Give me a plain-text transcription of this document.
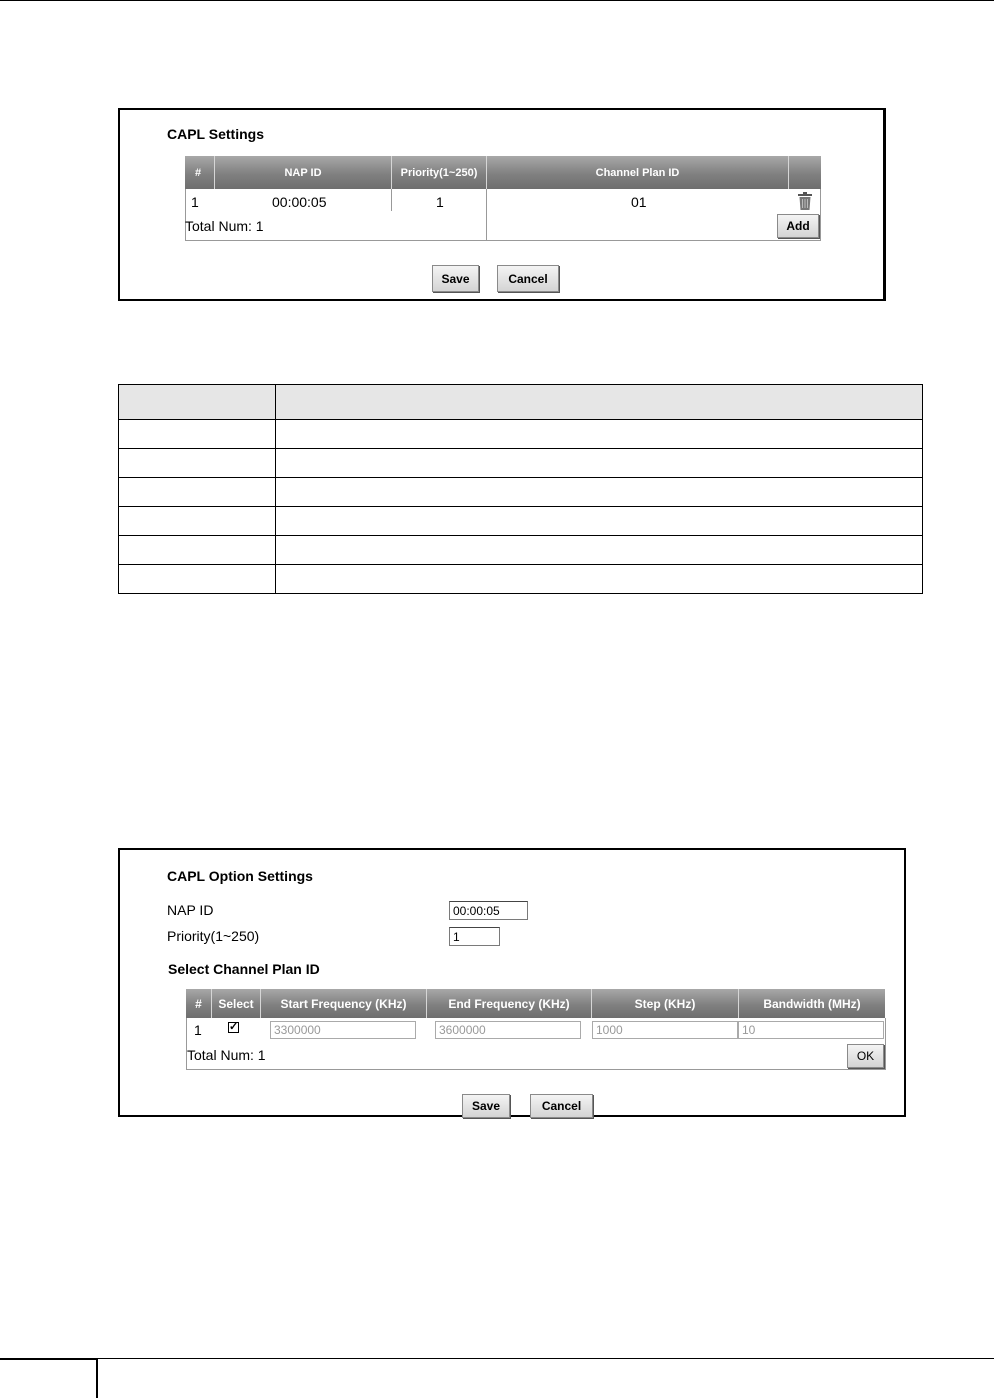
CAPL Settings
#	NAP ID	Priority(1~250)	Channel Plan ID
1	00:00:05	1	01
Total Num: 1	Add
Save	Cancel

CAPL Option Settings
NAP ID	00:00:05
Priority(1~250)	1
Select Channel Plan ID
#	Select	Start Frequency (KHz)	End Frequency (KHz)	Step (KHz)	Bandwidth (MHz)
1 ✓	3300000	3600000	1000	10
Total Num: 1	OK
Save	Cancel
